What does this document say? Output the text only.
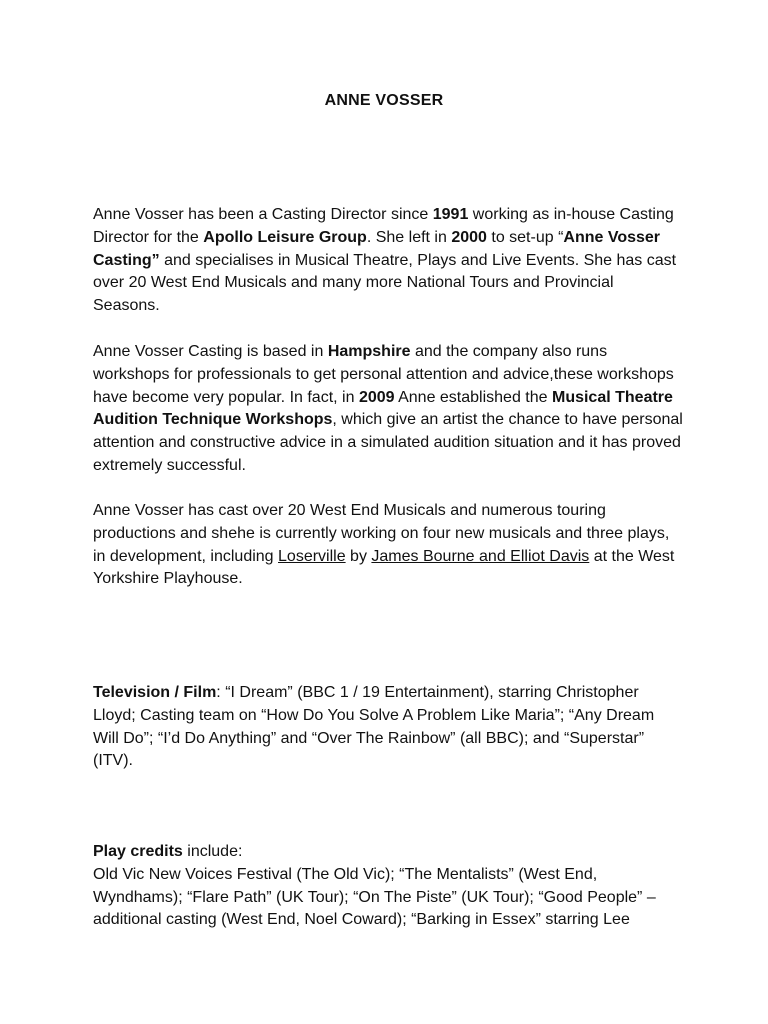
ANNE VOSSER

Anne Vosser has been a Casting Director since 1991 working as in-house Casting Director for the Apollo Leisure Group. She left in 2000 to set-up “Anne Vosser Casting” and specialises in Musical Theatre, Plays and Live Events. She has cast over 20 West End Musicals and many more National Tours and Provincial Seasons.

Anne Vosser Casting is based in Hampshire and the company also runs workshops for professionals to get personal attention and advice,these workshops have become very popular. In fact, in 2009 Anne established the Musical Theatre Audition Technique Workshops, which give an artist the chance to have personal attention and constructive advice in a simulated audition situation and it has proved extremely successful.

Anne Vosser has cast over 20 West End Musicals and numerous touring productions and shehe is currently working on four new musicals and three plays, in development, including Loserville by James Bourne and Elliot Davis at the West Yorkshire Playhouse.

Television / Film: “I Dream” (BBC 1 / 19 Entertainment), starring Christopher Lloyd; Casting team on “How Do You Solve A Problem Like Maria”; “Any Dream Will Do”; “I’d Do Anything” and “Over The Rainbow” (all BBC); and “Superstar” (ITV).

Play credits include:
Old Vic New Voices Festival (The Old Vic); “The Mentalists” (West End, Wyndhams); “Flare Path” (UK Tour); “On The Piste” (UK Tour); “Good People” – additional casting (West End, Noel Coward); “Barking in Essex” starring Lee
